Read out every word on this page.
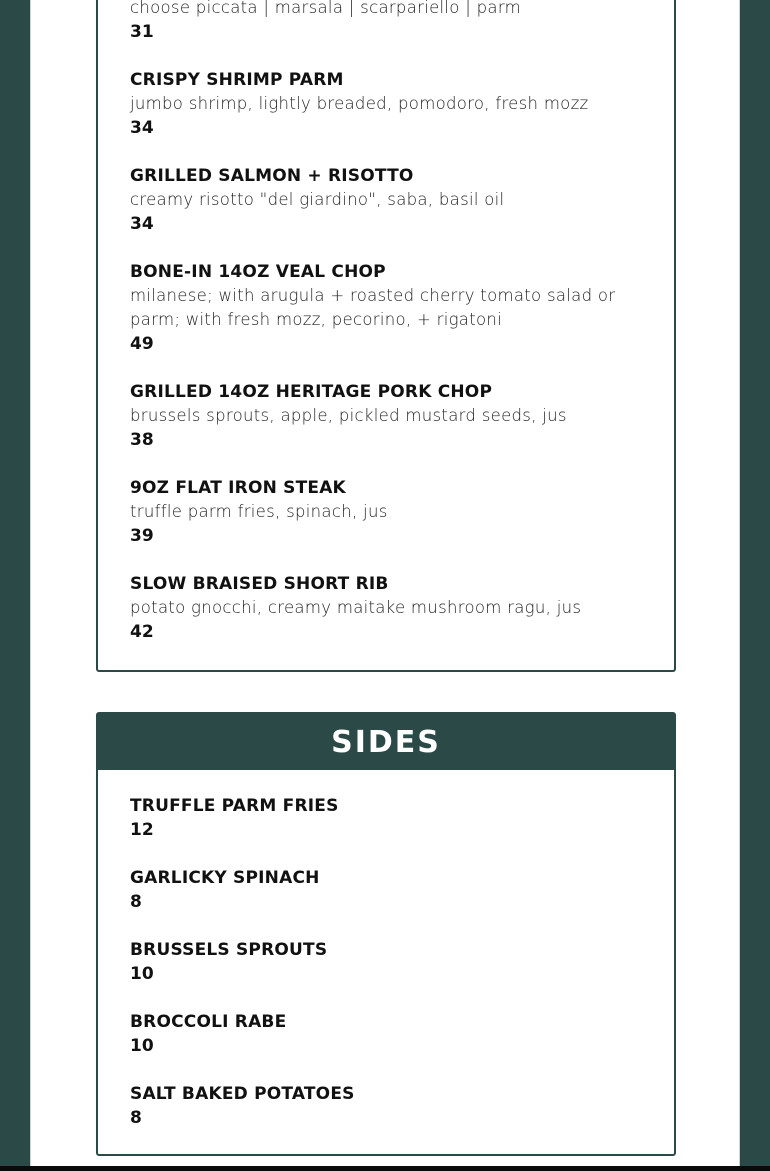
choose piccata | marsala | scarpariello | parm
31
CRISPY SHRIMP PARM
jumbo shrimp, lightly breaded, pomodoro, fresh mozz
34
GRILLED SALMON + RISOTTO
creamy risotto "del giardino", saba, basil oil
34
BONE-IN 14OZ VEAL CHOP
milanese; with arugula + roasted cherry tomato salad or
parm; with fresh mozz, pecorino, + rigatoni
49
GRILLED 14OZ HERITAGE PORK CHOP
brussels sprouts, apple, pickled mustard seeds, jus
38
9OZ FLAT IRON STEAK
truffle parm fries, spinach, jus
39
SLOW BRAISED SHORT RIB
potato gnocchi, creamy maitake mushroom ragu, jus
42
SIDES
TRUFFLE PARM FRIES
12
GARLICKY SPINACH
8
BRUSSELS SPROUTS
10
BROCCOLI RABE
10
SALT BAKED POTATOES
8
